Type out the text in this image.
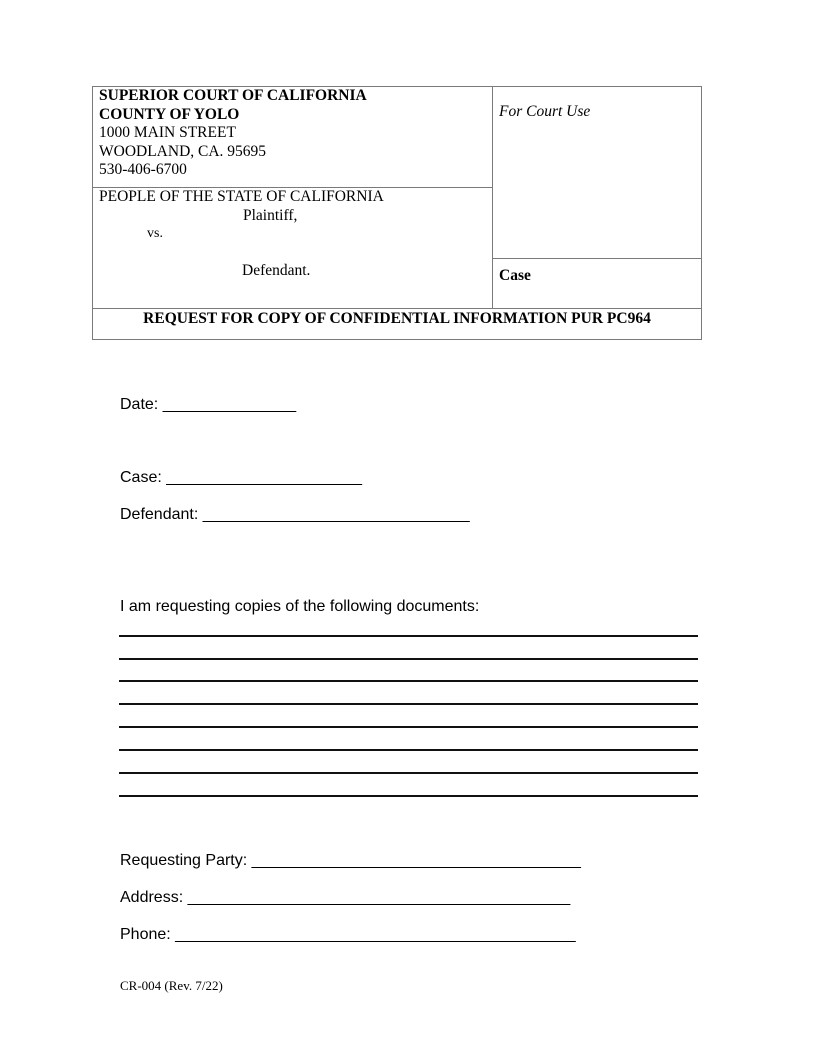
SUPERIOR COURT OF CALIFORNIA
COUNTY OF YOLO
1000 MAIN STREET
WOODLAND, CA. 95695
530-406-6700
PEOPLE OF THE STATE OF CALIFORNIA
Plaintiff,
vs.
Defendant.
For Court Use
Case
REQUEST FOR COPY OF CONFIDENTIAL INFORMATION PUR PC964
Date: _______________
Case: ______________________
Defendant: ______________________________
I am requesting copies of the following documents:
Requesting Party: _____________________________________
Address: ___________________________________________
Phone: _____________________________________________
CR-004 (Rev. 7/22)
